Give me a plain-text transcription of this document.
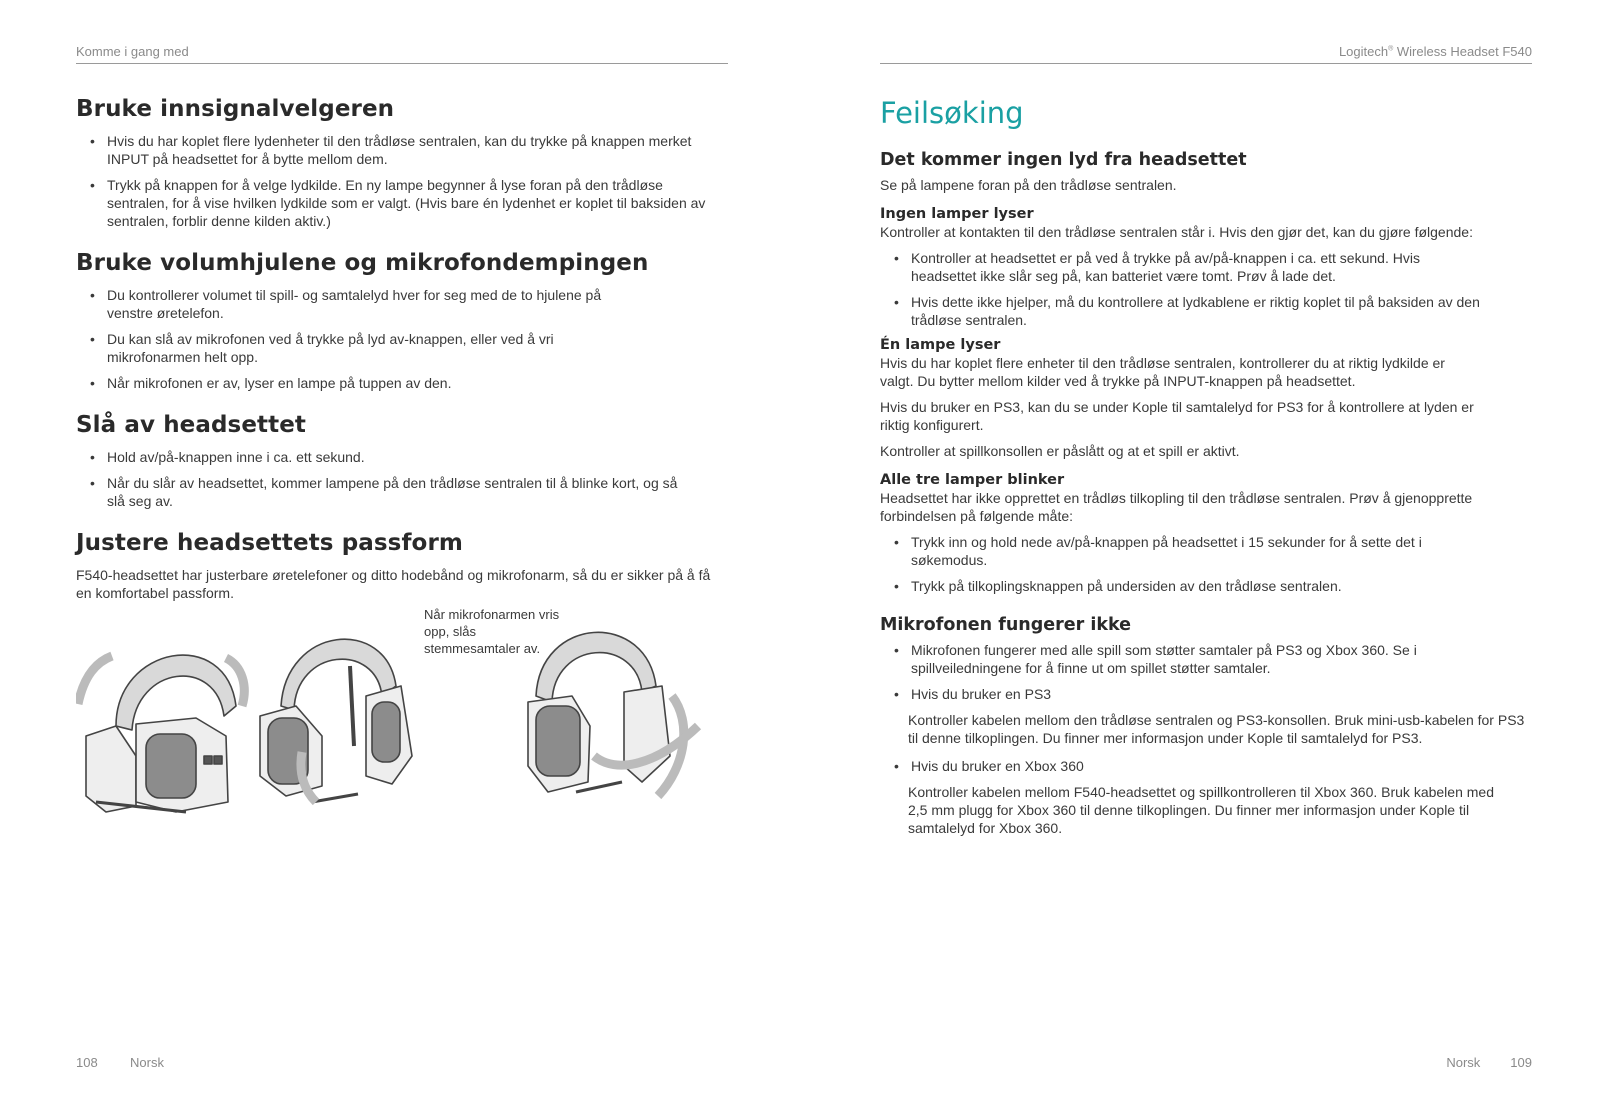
Komme i gang med
Bruke innsignalvelgeren
• Hvis du har koplet flere lydenheter til den trådløse sentralen, kan du trykke på knappen merket INPUT på headsettet for å bytte mellom dem.
• Trykk på knappen for å velge lydkilde. En ny lampe begynner å lyse foran på den trådløse sentralen, for å vise hvilken lydkilde som er valgt. (Hvis bare én lydenhet er koplet til baksiden av sentralen, forblir denne kilden aktiv.)
Bruke volumhjulene og mikrofondempingen
• Du kontrollerer volumet til spill- og samtalelyd hver for seg med de to hjulene på venstre øretelefon.
• Du kan slå av mikrofonen ved å trykke på lyd av-knappen, eller ved å vri mikrofonarmen helt opp.
• Når mikrofonen er av, lyser en lampe på tuppen av den.
Slå av headsettet
• Hold av/på-knappen inne i ca. ett sekund.
• Når du slår av headsettet, kommer lampene på den trådløse sentralen til å blinke kort, og så slå seg av.
Justere headsettets passform

F540-headsettet har justerbare øretelefoner og ditto hodebånd og mikrofonarm, så du er sikker på å få en komfortabel passform.

Når mikrofonarmen vris opp, slås stemmesamtaler av.
108 Norsk
Logitech® Wireless Headset F540
Feilsøking
Det kommer ingen lyd fra headsettet

Se på lampene foran på den trådløse sentralen.

Ingen lamper lyser

Kontroller at kontakten til den trådløse sentralen står i. Hvis den gjør det, kan du gjøre følgende:

• Kontroller at headsettet er på ved å trykke på av/på-knappen i ca. ett sekund. Hvis headsettet ikke slår seg på, kan batteriet være tomt. Prøv å lade det.
• Hvis dette ikke hjelper, må du kontrollere at lydkablene er riktig koplet til på baksiden av den trådløse sentralen.
Én lampe lyser

Hvis du har koplet flere enheter til den trådløse sentralen, kontrollerer du at riktig lydkilde er valgt. Du bytter mellom kilder ved å trykke på INPUT-knappen på headsettet.

Hvis du bruker en PS3, kan du se under Kople til samtalelyd for PS3 for å kontrollere at lyden er riktig konfigurert.

Kontroller at spillkonsollen er påslått og at et spill er aktivt.

Alle tre lamper blinker

Headsettet har ikke opprettet en trådløs tilkopling til den trådløse sentralen. Prøv å gjenopprette forbindelsen på følgende måte:

• Trykk inn og hold nede av/på-knappen på headsettet i 15 sekunder for å sette det i søkemodus.
• Trykk på tilkoplingsknappen på undersiden av den trådløse sentralen.
Mikrofonen fungerer ikke
• Mikrofonen fungerer med alle spill som støtter samtaler på PS3 og Xbox 360. Se i spillveiledningene for å finne ut om spillet støtter samtaler.
• Hvis du bruker en PS3
Kontroller kabelen mellom den trådløse sentralen og PS3-konsollen. Bruk mini-usb-kabelen for PS3 til denne tilkoplingen. Du finner mer informasjon under Kople til samtalelyd for PS3.
• Hvis du bruker en Xbox 360
Kontroller kabelen mellom F540-headsettet og spillkontrolleren til Xbox 360. Bruk kabelen med 2,5 mm plugg for Xbox 360 til denne tilkoplingen. Du finner mer informasjon under Kople til samtalelyd for Xbox 360.
Norsk 109
